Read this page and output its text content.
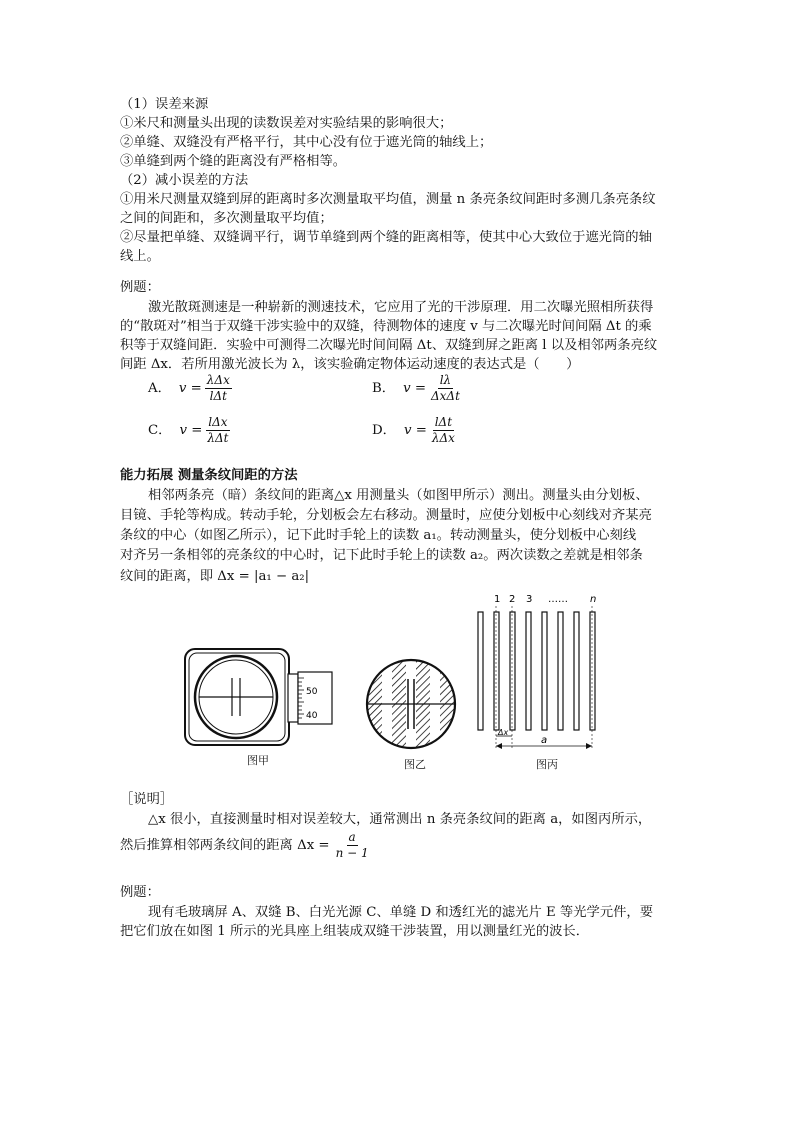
（1）误差来源
①米尺和测量头出现的读数误差对实验结果的影响很大；
②单缝、双缝没有严格平行，其中心没有位于遮光筒的轴线上；
③单缝到两个缝的距离没有严格相等。
（2）减小误差的方法
①用米尺测量双缝到屏的距离时多次测量取平均值，测量 n 条亮条纹间距时多测几条亮条纹
之间的间距和，多次测量取平均值；
②尽量把单缝、双缝调平行，调节单缝到两个缝的距离相等，使其中心大致位于遮光筒的轴
线上。
例题：
激光散斑测速是一种崭新的测速技术，它应用了光的干涉原理．用二次曝光照相所获得
的“散斑对”相当于双缝干涉实验中的双缝，待测物体的速度 v 与二次曝光时间间隔 Δt 的乘
积等于双缝间距．实验中可测得二次曝光时间间隔 Δt、双缝到屏之距离 l 以及相邻两条亮纹
间距 Δx．若所用激光波长为 λ，该实验确定物体运动速度的表达式是（　　）
A． $v = \frac{\text{λΔx}}{\text{lΔt}}$	B． $v = \frac{l\lambda}{\text{ΔxΔt}}$
C． $v = \frac{\text{lΔx}}{\text{λΔt}}$	D． $v = \frac{\text{lΔt}}{\text{λΔx}}$
能力拓展 测量条纹间距的方法
相邻两条亮（暗）条纹间的距离△x 用测量头（如图甲所示）测出。测量头由分划板、
目镜、手轮等构成。转动手轮，分划板会左右移动。测量时，应使分划板中心刻线对齐某亮
条纹的中心（如图乙所示），记下此时手轮上的读数 a₁。转动测量头，使分划板中心刻线
对齐另一条相邻的亮条纹的中心时，记下此时手轮上的读数 a₂。两次读数之差就是相邻条
纹间的距离，即 Δx = |a₁ − a₂|
50
40
图甲	图乙
1 2 3 …… n
Δx
a
图丙
［说明］
△x 很小，直接测量时相对误差较大，通常测出 n 条亮条纹间的距离 a，如图丙所示，
然后推算相邻两条纹间的距离 $\Delta x = \frac{a}{n - 1}$
例题：
现有毛玻璃屏 A、双缝 B、白光光源 C、单缝 D 和透红光的滤光片 E 等光学元件，要
把它们放在如图 1 所示的光具座上组装成双缝干涉装置，用以测量红光的波长．
